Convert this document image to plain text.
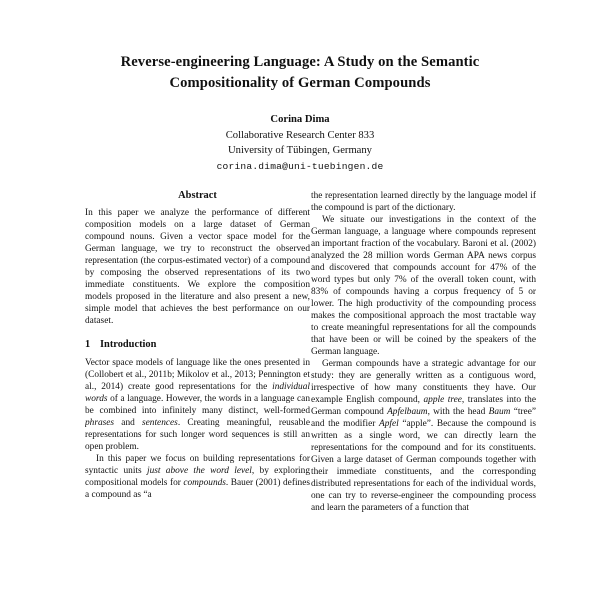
Reverse-engineering Language: A Study on the Semantic
Compositionality of German Compounds
Corina Dima
Collaborative Research Center 833
University of Tübingen, Germany
corina.dima@uni-tuebingen.de
Abstract

In this paper we analyze the performance of different composition models on a large dataset of German compound nouns. Given a vector space model for the German language, we try to reconstruct the observed representation (the corpus-estimated vector) of a compound by composing the observed representations of its two immediate constituents. We explore the composition models proposed in the literature and also present a new, simple model that achieves the best performance on our dataset.

1 Introduction

Vector space models of language like the ones presented in (Collobert et al., 2011b; Mikolov et al., 2013; Pennington et al., 2014) create good representations for the individual words of a language. However, the words in a language can be combined into infinitely many distinct, well-formed phrases and sentences. Creating meaningful, reusable representations for such longer word sequences is still an open problem.

In this paper we focus on building representations for syntactic units just above the word level, by exploring compositional models for compounds. Bauer (2001) defines a compound as “a

the representation learned directly by the language model if the compound is part of the dictionary.

We situate our investigations in the context of the German language, a language where compounds represent an important fraction of the vocabulary. Baroni et al. (2002) analyzed the 28 million words German APA news corpus and discovered that compounds account for 47% of the word types but only 7% of the overall token count, with 83% of compounds having a corpus frequency of 5 or lower. The high productivity of the compounding process makes the compositional approach the most tractable way to create meaningful representations for all the compounds that have been or will be coined by the speakers of the German language.

German compounds have a strategic advantage for our study: they are generally written as a contiguous word, irrespective of how many constituents they have. Our example English compound, apple tree, translates into the German compound Apfelbaum, with the head Baum “tree” and the modifier Apfel “apple”. Because the compound is written as a single word, we can directly learn the representations for the compound and for its constituents. Given a large dataset of German compounds together with their immediate constituents, and the corresponding distributed representations for each of the individual words, one can try to reverse-engineer the compounding process and learn the parameters of a function that
